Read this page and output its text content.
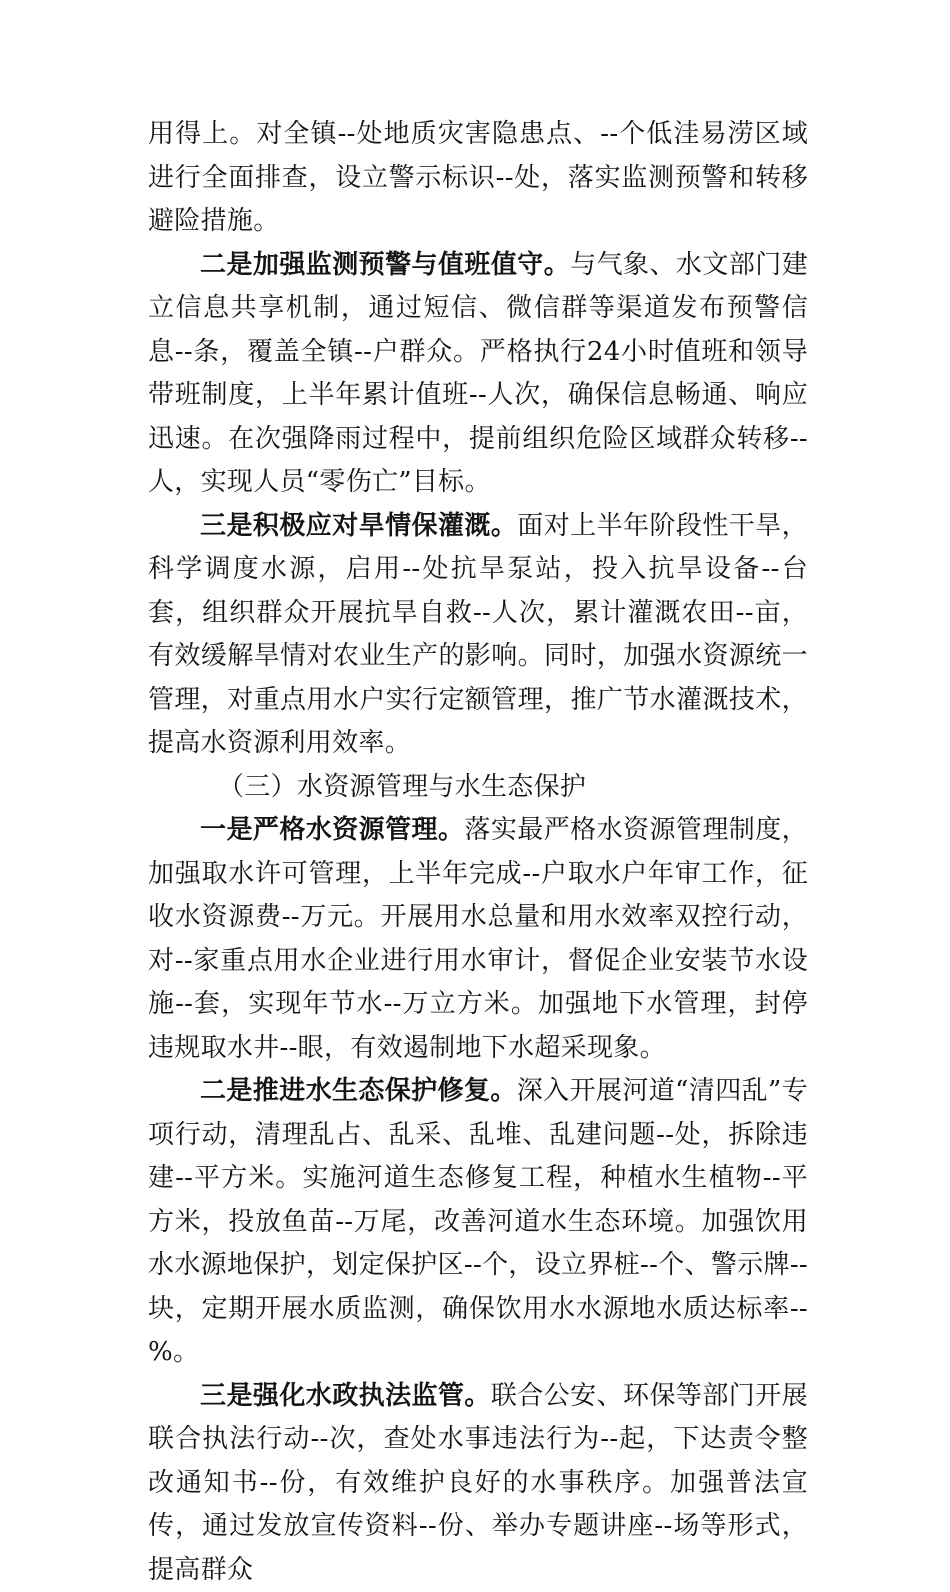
用得上。对全镇--处地质灾害隐患点、--个低洼易涝区域进行全面排查，设立警示标识--处，落实监测预警和转移避险措施。

二是加强监测预警与值班值守。与气象、水文部门建立信息共享机制，通过短信、微信群等渠道发布预警信息--条，覆盖全镇--户群众。严格执行24小时值班和领导带班制度，上半年累计值班--人次，确保信息畅通、响应迅速。在次强降雨过程中，提前组织危险区域群众转移--人，实现人员“零伤亡”目标。

三是积极应对旱情保灌溉。面对上半年阶段性干旱，科学调度水源，启用--处抗旱泵站，投入抗旱设备--台套，组织群众开展抗旱自救--人次，累计灌溉农田--亩，有效缓解旱情对农业生产的影响。同时，加强水资源统一管理，对重点用水户实行定额管理，推广节水灌溉技术，提高水资源利用效率。

（三）水资源管理与水生态保护

一是严格水资源管理。落实最严格水资源管理制度，加强取水许可管理，上半年完成--户取水户年审工作，征收水资源费--万元。开展用水总量和用水效率双控行动，对--家重点用水企业进行用水审计，督促企业安装节水设施--套，实现年节水--万立方米。加强地下水管理，封停违规取水井--眼，有效遏制地下水超采现象。

二是推进水生态保护修复。深入开展河道“清四乱”专项行动，清理乱占、乱采、乱堆、乱建问题--处，拆除违建--平方米。实施河道生态修复工程，种植水生植物--平方米，投放鱼苗--万尾，改善河道水生态环境。加强饮用水水源地保护，划定保护区--个，设立界桩--个、警示牌--块，定期开展水质监测，确保饮用水水源地水质达标率--%。

三是强化水政执法监管。联合公安、环保等部门开展联合执法行动--次，查处水事违法行为--起，下达责令整改通知书--份，有效维护良好的水事秩序。加强普法宣传，通过发放宣传资料--份、举办专题讲座--场等形式，提高群众
